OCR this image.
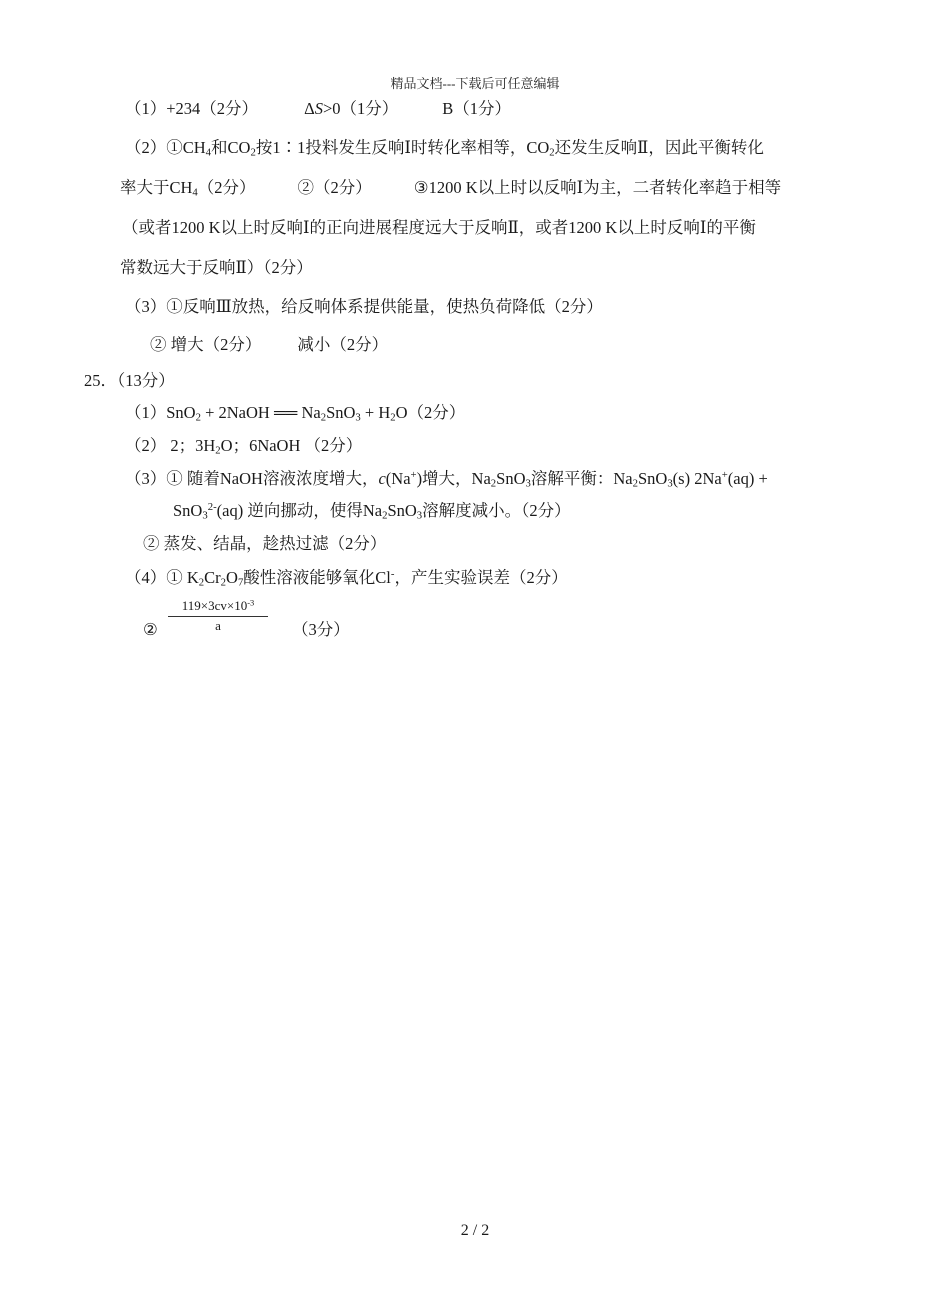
精品文档---下载后可任意编辑
（1）+234（2分）	ΔS>0（1分）	B（1分）
$(2)①CH_4$和$CO_2$按1∶1投料发生反响Ⅰ时转化率相等，$CO_2$还发生反响Ⅱ，因此平衡转化
率大于$CH_4(2$分）	②（2分）	③1200 K以上时以反响Ⅰ为主，二者转化率趋于相等
（或者1200 K以上时反响Ⅰ的正向进展程度远大于反响Ⅱ，或者1200 K以上时反响Ⅰ的平衡
常数远大于反响Ⅱ）（2分）
（3）①反响Ⅲ放热，给反响体系提供能量，使热负荷降低（2分）
② 增大（2分） 减小（2分）
25．（13分）
（1）SnO$_2$ + 2NaOH ══ $Na_2SnO_3 + H_2O(2$分）
（2） 2；$3H_2O$；6NaOH （2分）
（3）① 随着NaOH溶液浓度增大，c(Na+)增大，$Na_2SnO_3$溶解平衡：$Na_2SnO_3(s) 2Na^+(aq)$ +
SnO$_3^{2-}$(aq) 逆向挪动，使得$Na_2SnO_3$溶解度减小。（2分）
② 蒸发、结晶，趁热过滤（2分）
（4）① $K_2Cr_2O_7$酸性溶液能够氧化Cl-，产生实验误差（2分）
② $\frac{119\times 3cv\times 10^{-3}}{a} (3$分）
2 / 2
